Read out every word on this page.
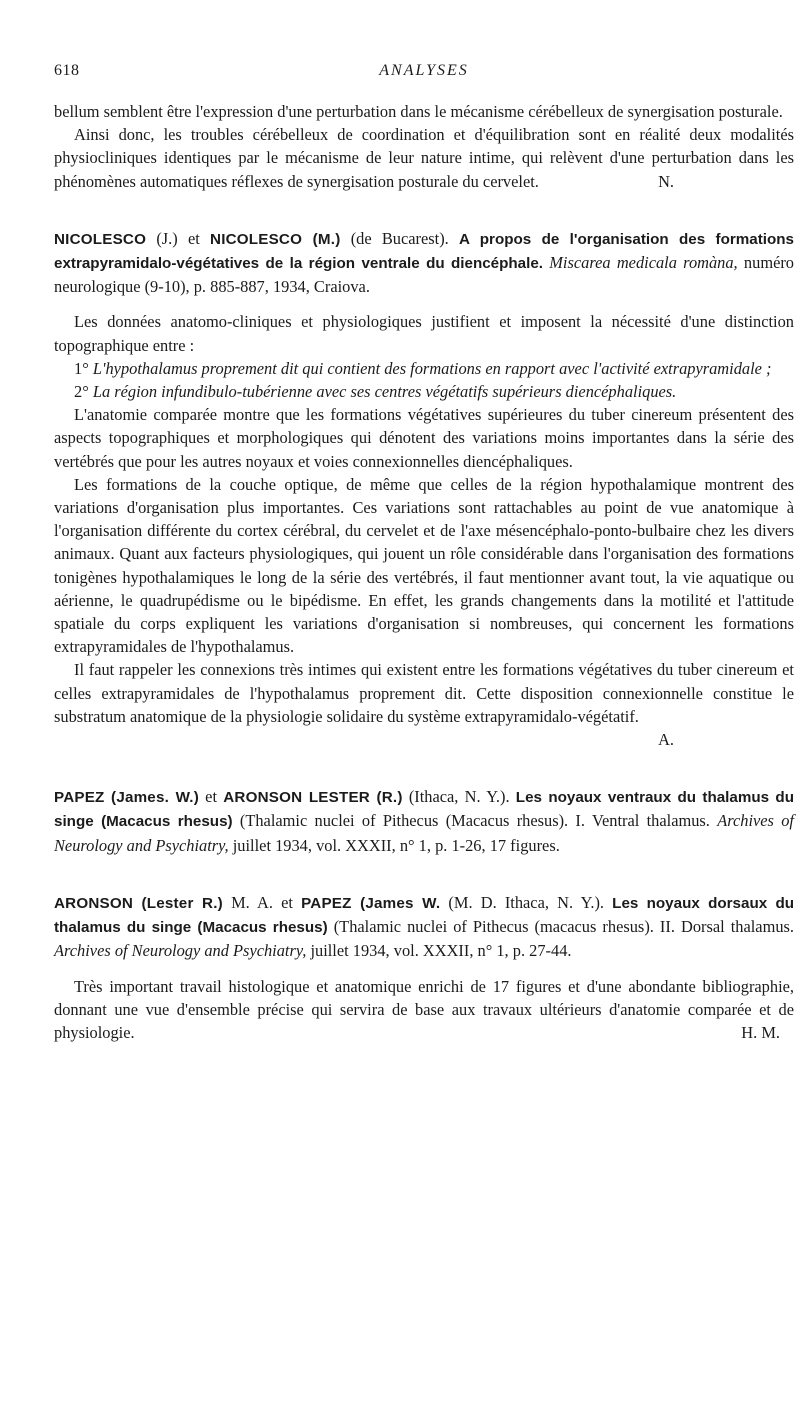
618	ANALYSES

bellum semblent être l'expression d'une perturbation dans le mécanisme cérébelleux de synergisation posturale.

Ainsi donc, les troubles cérébelleux de coordination et d'équilibration sont en réalité deux modalités physiocliniques identiques par le mécanisme de leur nature intime, qui relèvent d'une perturbation dans les phénomènes automatiques réflexes de synergisation posturale du cervelet.	N.

NICOLESCO (J.) et NICOLESCO (M.) (de Bucarest). A propos de l'organisation des formations extrapyramidalo-végétatives de la région ventrale du diencéphale. Miscarea medicala romàna, numéro neurologique (9-10), p. 885-887, 1934, Craiova.

Les données anatomo-cliniques et physiologiques justifient et imposent la nécessité d'une distinction topographique entre :

1° L'hypothalamus proprement dit qui contient des formations en rapport avec l'activité extrapyramidale ;

2° La région infundibulo-tubérienne avec ses centres végétatifs supérieurs diencéphaliques.

L'anatomie comparée montre que les formations végétatives supérieures du tuber cinereum présentent des aspects topographiques et morphologiques qui dénotent des variations moins importantes dans la série des vertébrés que pour les autres noyaux et voies connexionnelles diencéphaliques.

Les formations de la couche optique, de même que celles de la région hypothalamique montrent des variations d'organisation plus importantes. Ces variations sont rattachables au point de vue anatomique à l'organisation différente du cortex cérébral, du cervelet et de l'axe mésencéphalo-ponto-bulbaire chez les divers animaux. Quant aux facteurs physiologiques, qui jouent un rôle considérable dans l'organisation des formations tonigènes hypothalamiques le long de la série des vertébrés, il faut mentionner avant tout, la vie aquatique ou aérienne, le quadrupédisme ou le bipédisme. En effet, les grands changements dans la motilité et l'attitude spatiale du corps expliquent les variations d'organisation si nombreuses, qui concernent les formations extrapyramidales de l'hypothalamus.

Il faut rappeler les connexions très intimes qui existent entre les formations végétatives du tuber cinereum et celles extrapyramidales de l'hypothalamus proprement dit. Cette disposition connexionnelle constitue le substratum anatomique de la physiologie solidaire du système extrapyramidalo-végétatif.
A.

PAPEZ (James. W.) et ARONSON LESTER (R.) (Ithaca, N. Y.). Les noyaux ventraux du thalamus du singe (Macacus rhesus) (Thalamic nuclei of Pithecus (Macacus rhesus). I. Ventral thalamus. Archives of Neurology and Psychiatry, juillet 1934, vol. XXXII, n° 1, p. 1-26, 17 figures.

ARONSON (Lester R.) M. A. et PAPEZ (James W. (M. D. Ithaca, N. Y.). Les noyaux dorsaux du thalamus du singe (Macacus rhesus) (Thalamic nuclei of Pithecus (macacus rhesus). II. Dorsal thalamus. Archives of Neurology and Psychiatry, juillet 1934, vol. XXXII, n° 1, p. 27-44.

Très important travail histologique et anatomique enrichi de 17 figures et d'une abondante bibliographie, donnant une vue d'ensemble précise qui servira de base aux travaux ultérieurs d'anatomie comparée et de physiologie.	H. M.
